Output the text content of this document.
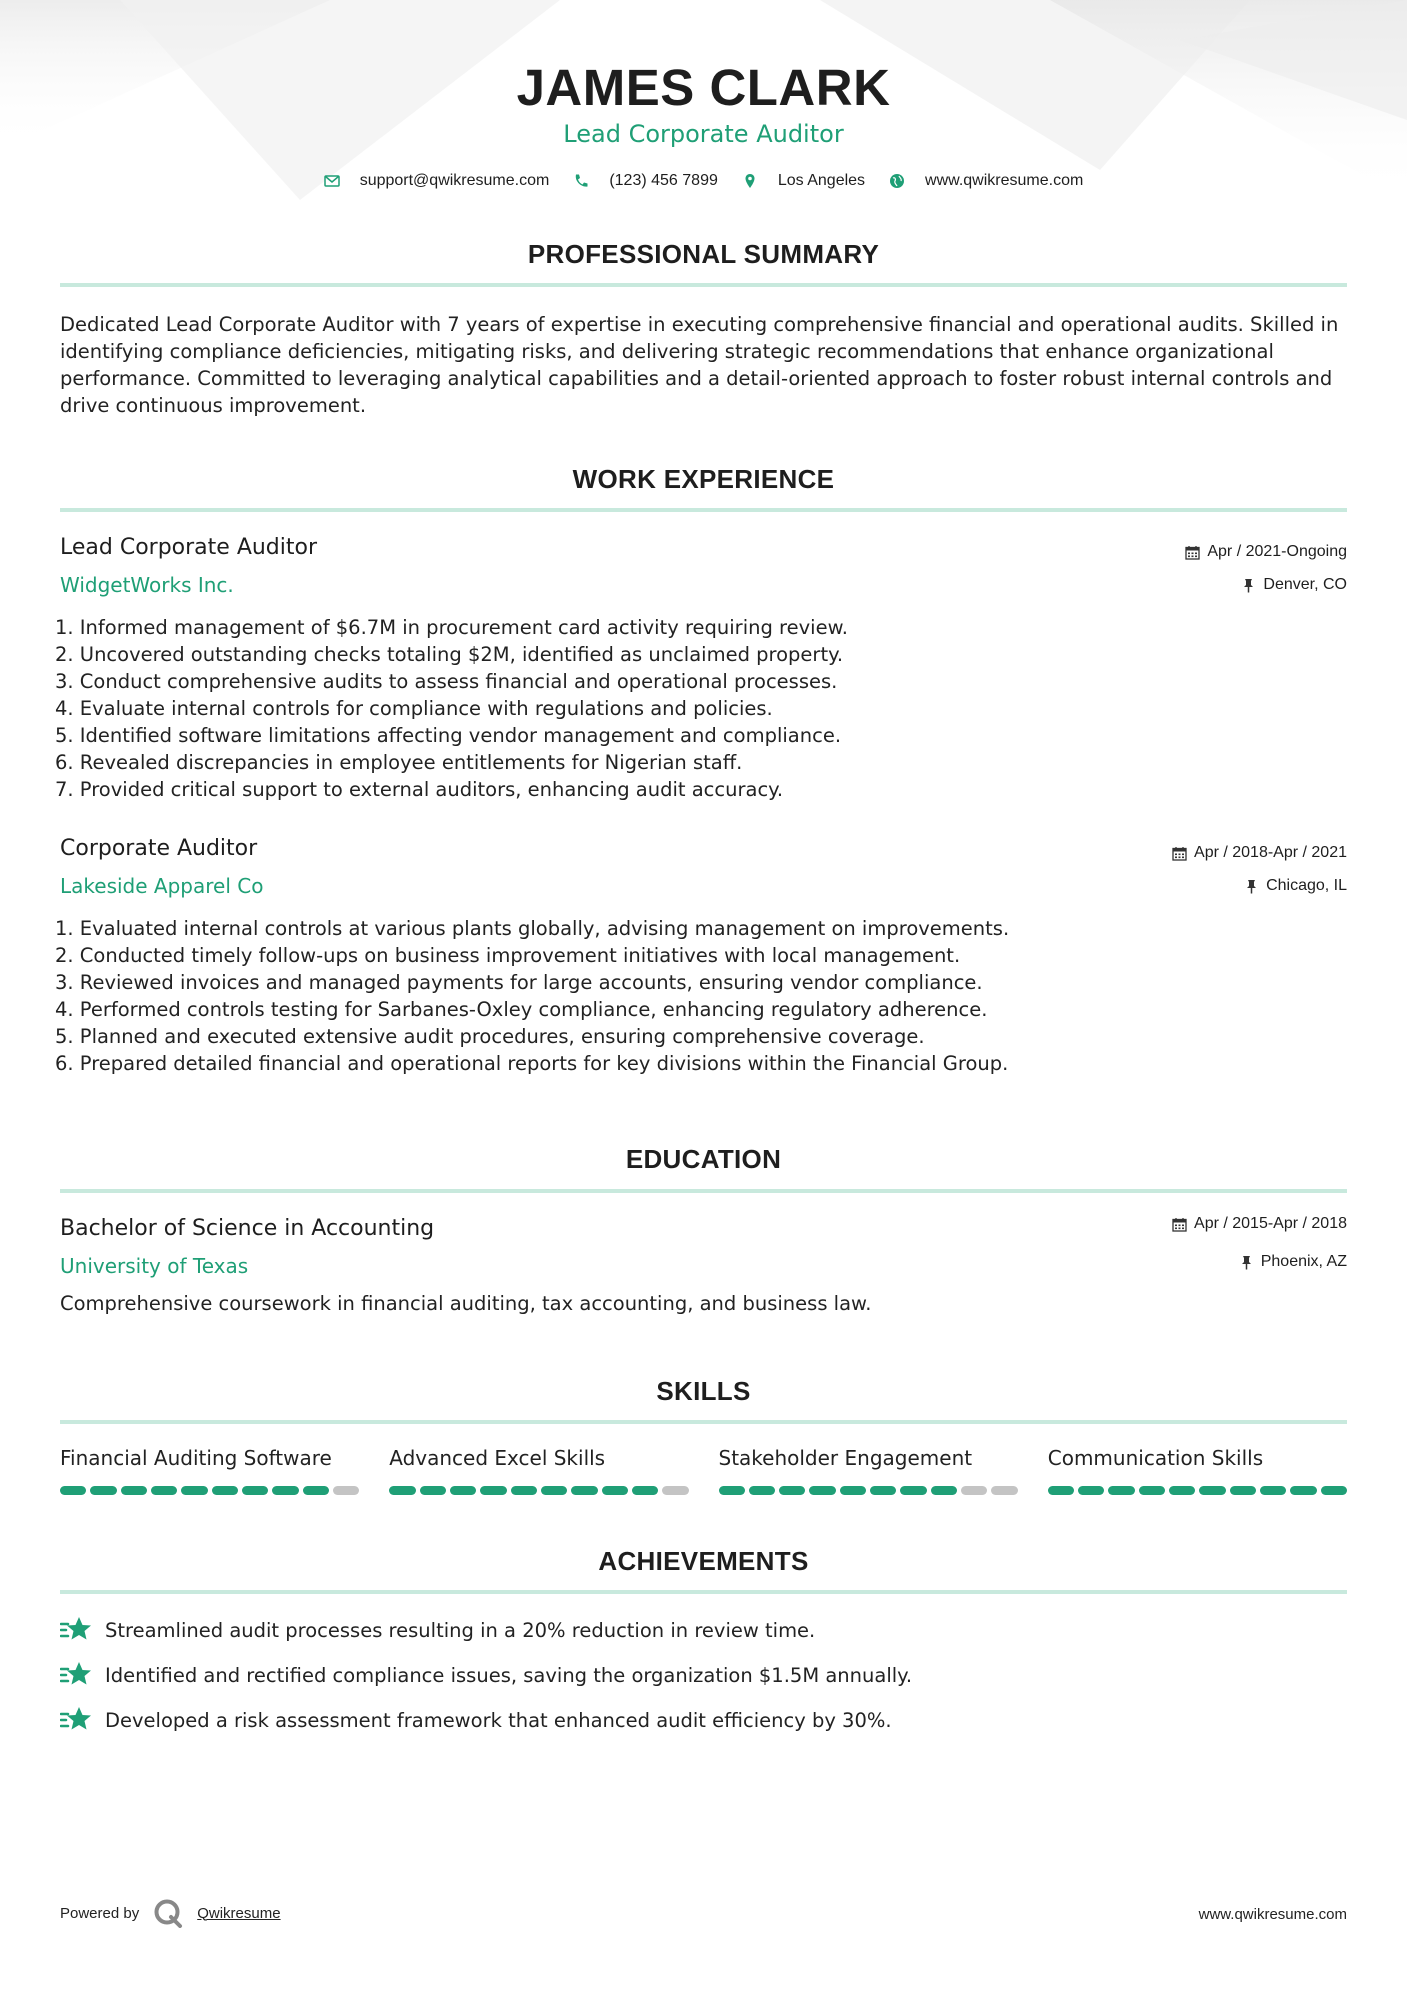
JAMES CLARK
Lead Corporate Auditor
support@qwikresume.com	(123) 456 7899	Los Angeles	www.qwikresume.com
PROFESSIONAL SUMMARY
Dedicated Lead Corporate Auditor with 7 years of expertise in executing comprehensive financial and operational audits. Skilled in identifying compliance deficiencies, mitigating risks, and delivering strategic recommendations that enhance organizational performance. Committed to leveraging analytical capabilities and a detail-oriented approach to foster robust internal controls and drive continuous improvement.
WORK EXPERIENCE
Lead Corporate Auditor
WidgetWorks Inc.
Apr / 2021-Ongoing
Denver, CO
1. Informed management of $6.7M in procurement card activity requiring review.
2. Uncovered outstanding checks totaling $2M, identified as unclaimed property.
3. Conduct comprehensive audits to assess financial and operational processes.
4. Evaluate internal controls for compliance with regulations and policies.
5. Identified software limitations affecting vendor management and compliance.
6. Revealed discrepancies in employee entitlements for Nigerian staff.
7. Provided critical support to external auditors, enhancing audit accuracy.
Corporate Auditor
Lakeside Apparel Co
Apr / 2018-Apr / 2021
Chicago, IL
1. Evaluated internal controls at various plants globally, advising management on improvements.
2. Conducted timely follow-ups on business improvement initiatives with local management.
3. Reviewed invoices and managed payments for large accounts, ensuring vendor compliance.
4. Performed controls testing for Sarbanes-Oxley compliance, enhancing regulatory adherence.
5. Planned and executed extensive audit procedures, ensuring comprehensive coverage.
6. Prepared detailed financial and operational reports for key divisions within the Financial Group.
EDUCATION
Bachelor of Science in Accounting
University of Texas
Apr / 2015-Apr / 2018
Phoenix, AZ
Comprehensive coursework in financial auditing, tax accounting, and business law.
SKILLS
Financial Auditing Software	Advanced Excel Skills	Stakeholder Engagement	Communication Skills
ACHIEVEMENTS
Streamlined audit processes resulting in a 20% reduction in review time.
Identified and rectified compliance issues, saving the organization $1.5M annually.
Developed a risk assessment framework that enhanced audit efficiency by 30%.
Powered by	Qwikresume	www.qwikresume.com
